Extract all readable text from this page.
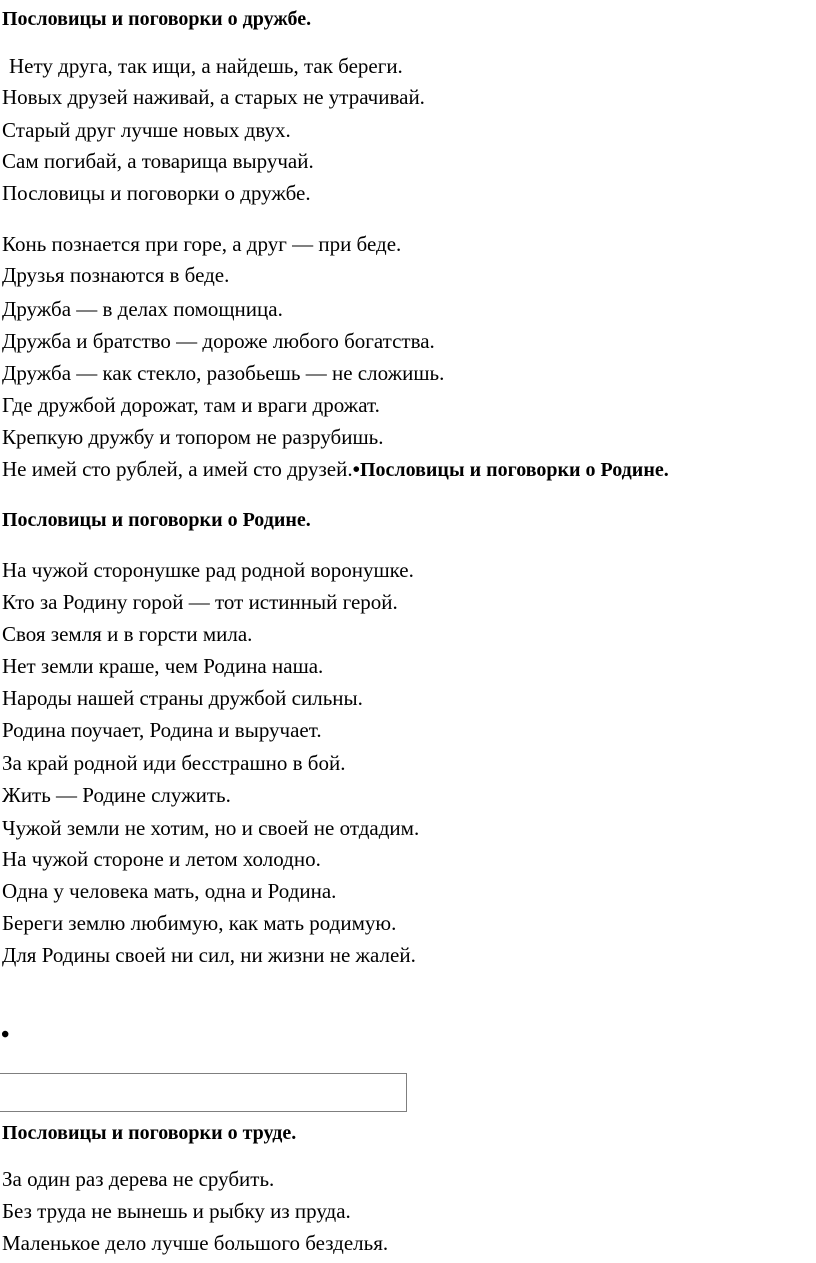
Пословицы и поговорки о дружбе.
Нету друга, так ищи, а найдешь, так береги.
Новых друзей наживай, а старых не утрачивай.
Старый друг лучше новых двух.
Сам погибай, а товарища выручай.
Пословицы и поговорки о дружбе.
Конь познается при горе, а друг — при беде.
Друзья познаются в беде.
Дружба — в делах помощница.
Дружба и братство — дороже любого богатства.
Дружба — как стекло, разобьешь — не сложишь.
Где дружбой дорожат, там и враги дрожат.
Крепкую дружбу и топором не разрубишь.
Не имей сто рублей, а имей сто друзей.•Пословицы и поговорки о Родине.
Пословицы и поговорки о Родине.
На чужой сторонушке рад родной воронушке.
Кто за Родину горой — тот истинный герой.
Своя земля и в горсти мила.
Нет земли краше, чем Родина наша.
Народы нашей страны дружбой сильны.
Родина поучает, Родина и выручает.
За край родной иди бесстрашно в бой.
Жить — Родине служить.
Чужой земли не хотим, но и своей не отдадим.
На чужой стороне и летом холодно.
Одна у человека мать, одна и Родина.
Береги землю любимую, как мать родимую.
Для Родины своей ни сил, ни жизни не жалей.
•
Пословицы и поговорки о труде.
За один раз дерева не срубить.
Без труда не вынешь и рыбку из пруда.
Маленькое дело лучше большого безделья.
